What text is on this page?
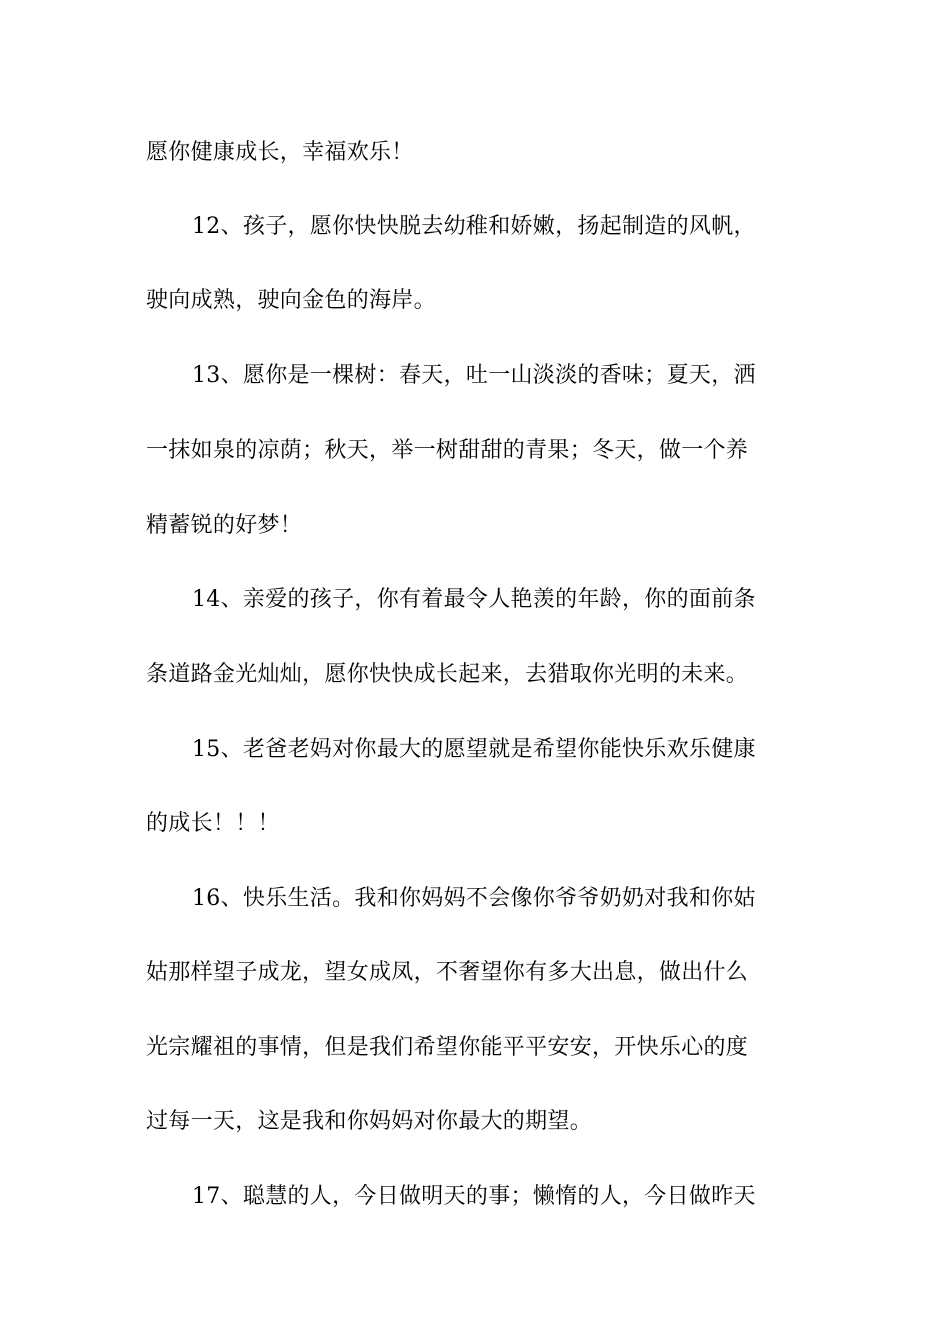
愿你健康成长，幸福欢乐！
12、孩子，愿你快快脱去幼稚和娇嫩，扬起制造的风帆，
驶向成熟，驶向金色的海岸。
13、愿你是一棵树：春天，吐一山淡淡的香味；夏天，洒
一抹如泉的凉荫；秋天，举一树甜甜的青果；冬天，做一个养
精蓄锐的好梦！
14、亲爱的孩子，你有着最令人艳羡的年龄，你的面前条
条道路金光灿灿，愿你快快成长起来，去猎取你光明的未来。
15、老爸老妈对你最大的愿望就是希望你能快乐欢乐健康
的成长！！！
16、快乐生活。我和你妈妈不会像你爷爷奶奶对我和你姑
姑那样望子成龙，望女成凤，不奢望你有多大出息，做出什么
光宗耀祖的事情，但是我们希望你能平平安安，开快乐心的度
过每一天，这是我和你妈妈对你最大的期望。
17、聪慧的人，今日做明天的事；懒惰的人，今日做昨天
